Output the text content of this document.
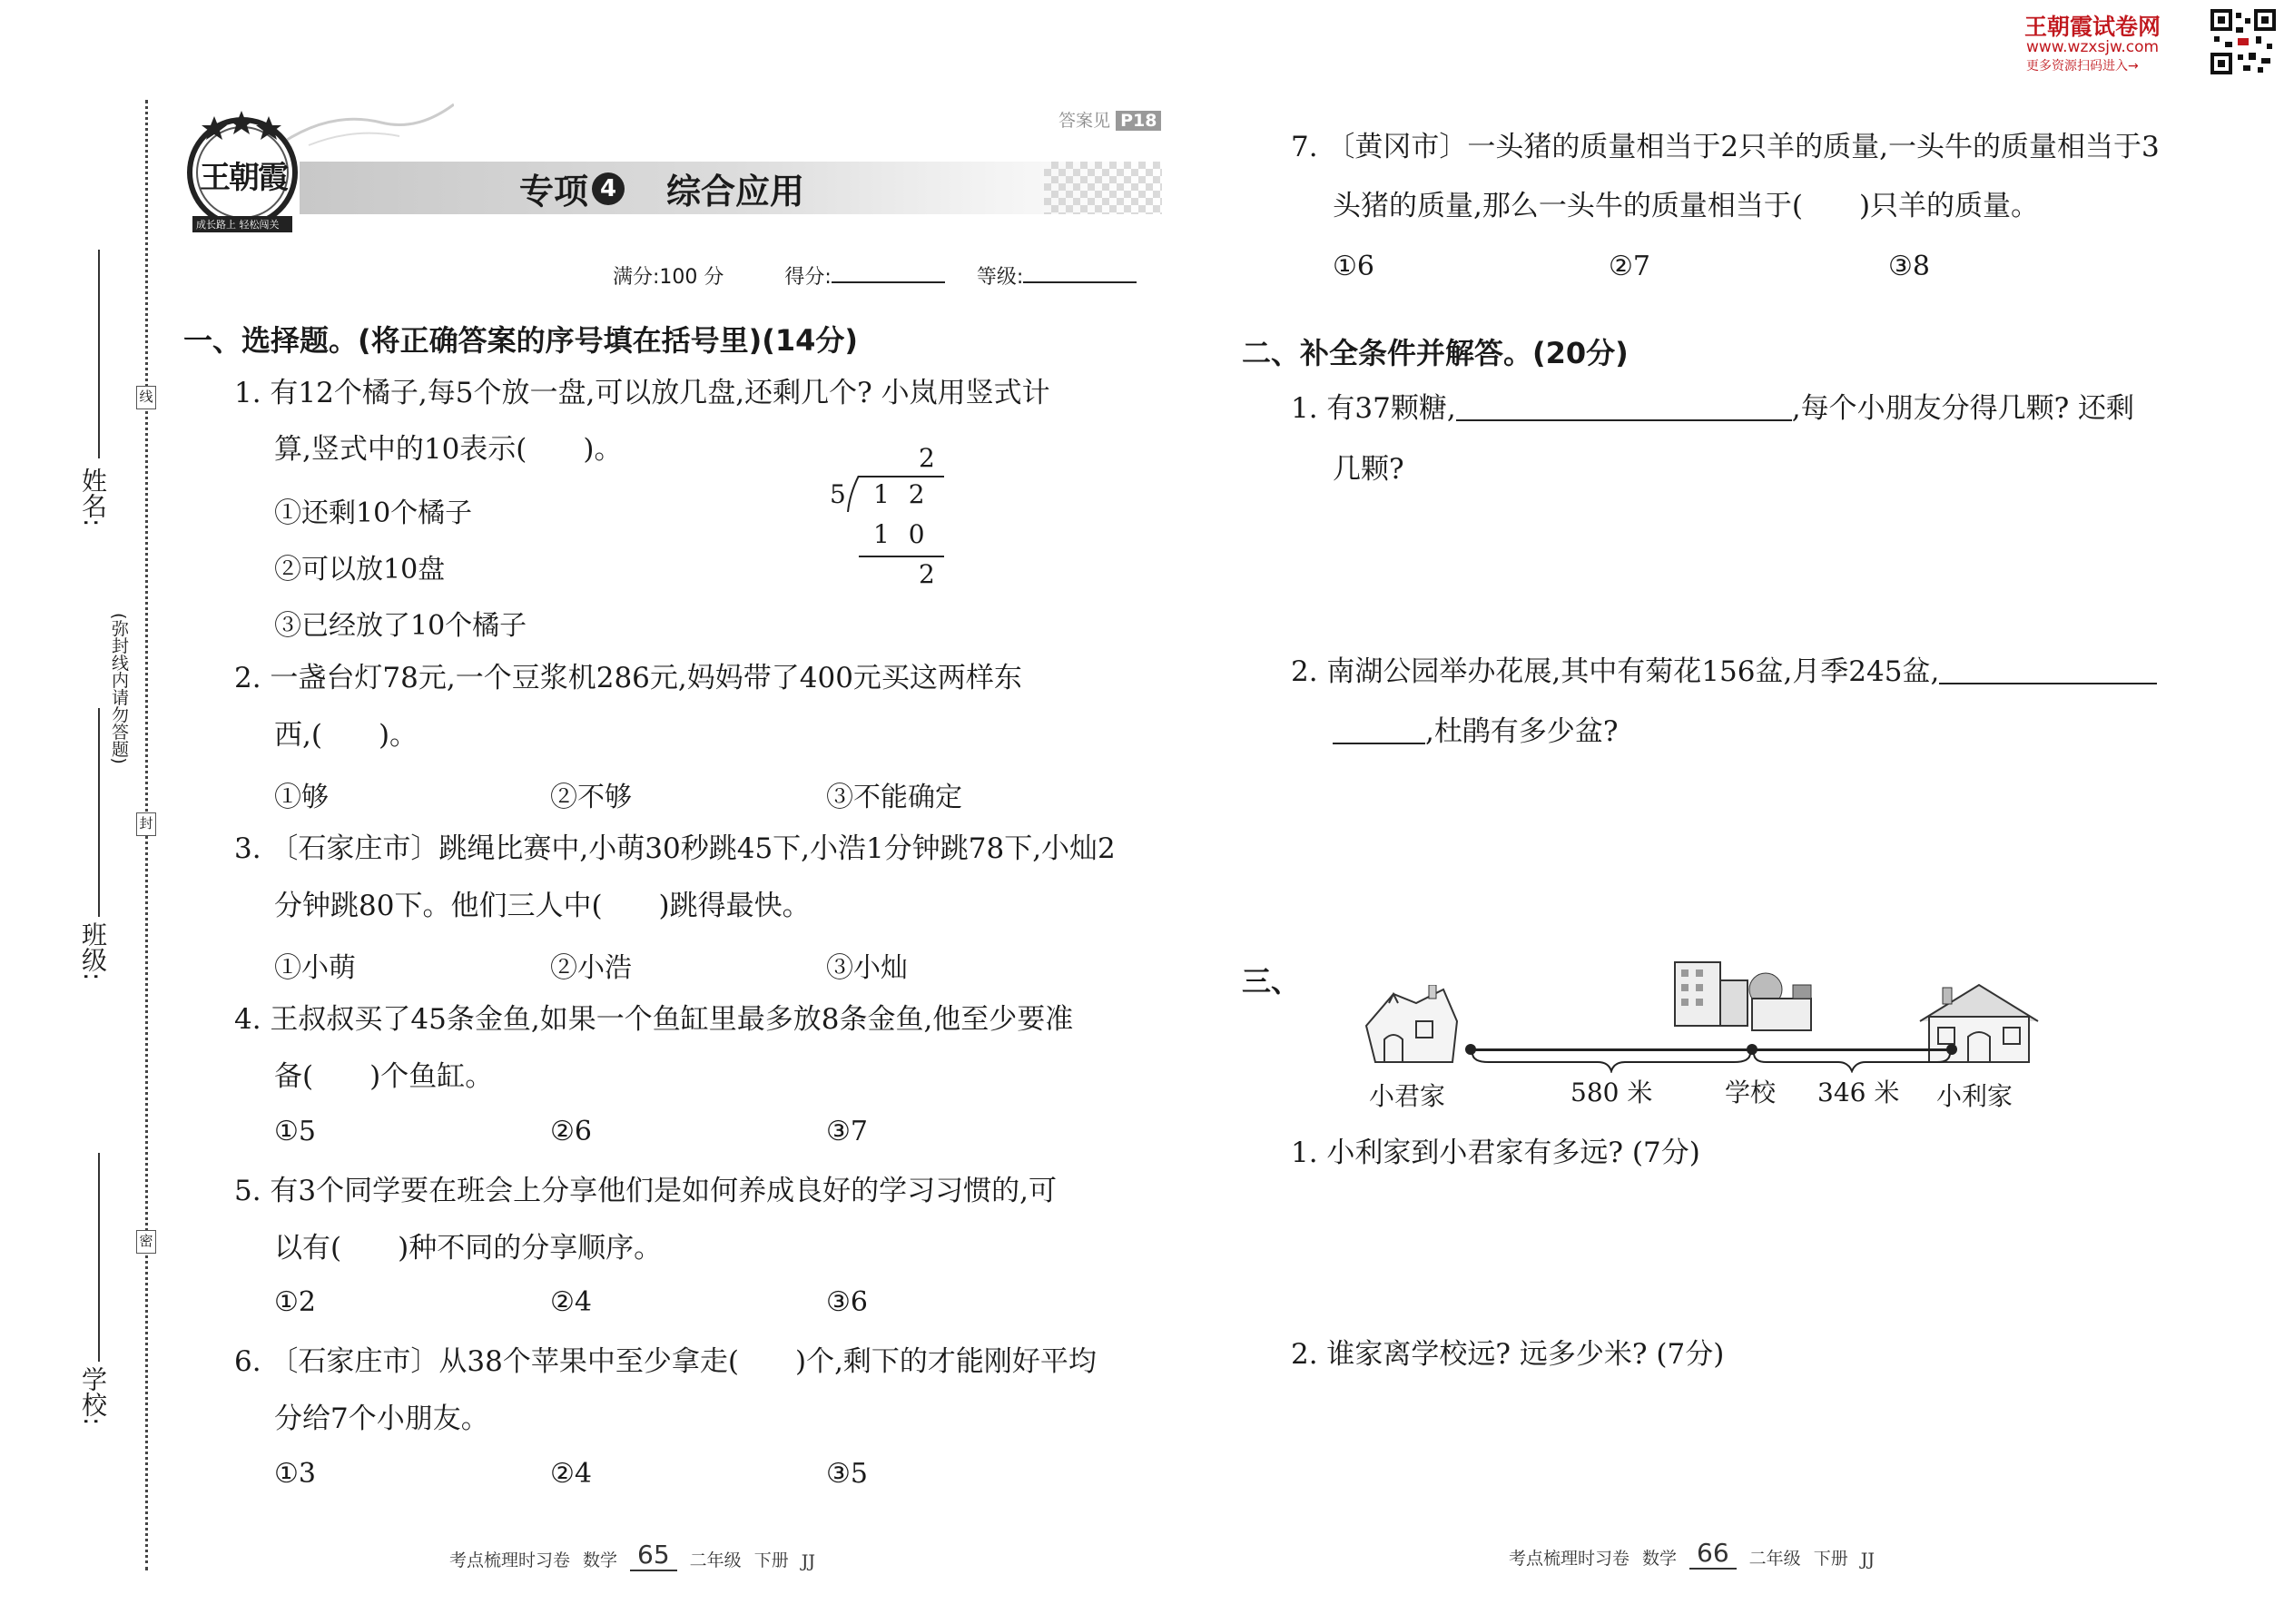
姓名:
班级:
学校:
(弥封线内请勿答题)
线
封
密
王朝霞
成长路上 轻松闯关
专项 4 综合应用
答案见 P18
满分:100 分	得分:	等级:
一、选择题。(将正确答案的序号填在括号里)(14分)
1. 有12个橘子,每5个放一盘,可以放几盘,还剩几个? 小岚用竖式计
算,竖式中的10表示(　　)。
①还剩10个橘子
②可以放10盘
③已经放了10个橘子
2
5 1 2
1 0
2
2. 一盏台灯78元,一个豆浆机286元,妈妈带了400元买这两样东
西,(　　)。
①够	②不够	③不能确定
3. 〔石家庄市〕跳绳比赛中,小萌30秒跳45下,小浩1分钟跳78下,小灿2
分钟跳80下。他们三人中(　　)跳得最快。
①小萌	②小浩	③小灿
4. 王叔叔买了45条金鱼,如果一个鱼缸里最多放8条金鱼,他至少要准
备(　　)个鱼缸。
①5	②6	③7
5. 有3个同学要在班会上分享他们是如何养成良好的学习习惯的,可
以有(　　)种不同的分享顺序。
①2	②4	③6
6. 〔石家庄市〕从38个苹果中至少拿走(　　)个,剩下的才能刚好平均
分给7个小朋友。
①3	②4	③5
考点梳理时习卷 数学 65	二年级 下册 JJ
王朝霞试卷网
www.wzxsjw.com
更多资源扫码进入→
7. 〔黄冈市〕一头猪的质量相当于2只羊的质量,一头牛的质量相当于3
头猪的质量,那么一头牛的质量相当于(　　)只羊的质量。
①6	②7	③8
二、补全条件并解答。(20分)
1. 有37颗糖,	,每个小朋友分得几颗? 还剩
几颗?
2. 南湖公园举办花展,其中有菊花156盆,月季245盆,
,杜鹃有多少盆?
三、
小君家	580 米	学校 346 米 小利家
1. 小利家到小君家有多远? (7分)
2. 谁家离学校远? 远多少米? (7分)
考点梳理时习卷 数学 66	二年级 下册 JJ
